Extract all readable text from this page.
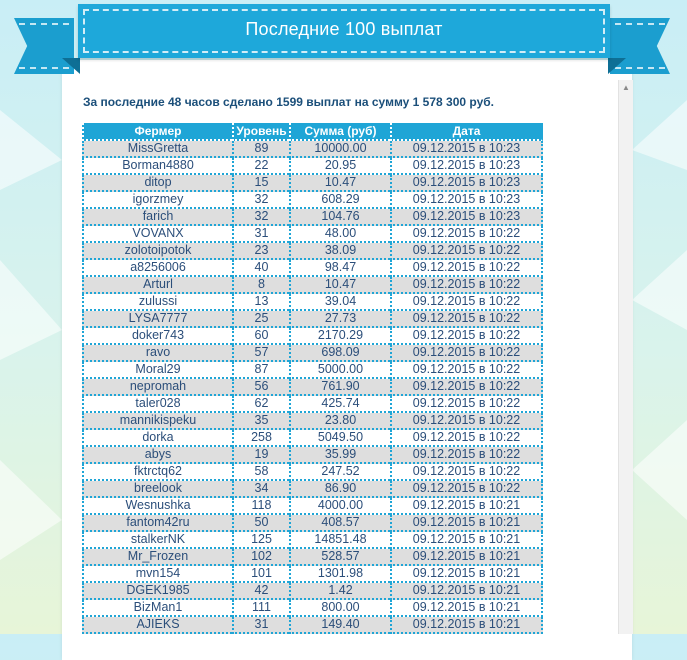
Последние 100 выплат
За последние 48 часов сделано 1599 выплат на сумму 1 578 300 руб.
Фермер	Уровень	Сумма (руб)	Дата
MissGretta	89	10000.00	09.12.2015 в 10:23
Borman4880	22	20.95	09.12.2015 в 10:23
ditop	15	10.47	09.12.2015 в 10:23
igorzmey	32	608.29	09.12.2015 в 10:23
farich	32	104.76	09.12.2015 в 10:23
VOVANX	31	48.00	09.12.2015 в 10:22
zolotoipotok	23	38.09	09.12.2015 в 10:22
a8256006	40	98.47	09.12.2015 в 10:22
Arturl	8	10.47	09.12.2015 в 10:22
zulussi	13	39.04	09.12.2015 в 10:22
LYSA7777	25	27.73	09.12.2015 в 10:22
doker743	60	2170.29	09.12.2015 в 10:22
ravo	57	698.09	09.12.2015 в 10:22
Moral29	87	5000.00	09.12.2015 в 10:22
nepromah	56	761.90	09.12.2015 в 10:22
taler028	62	425.74	09.12.2015 в 10:22
mannikispeku	35	23.80	09.12.2015 в 10:22
dorka	258	5049.50	09.12.2015 в 10:22
abys	19	35.99	09.12.2015 в 10:22
fktrctq62	58	247.52	09.12.2015 в 10:22
breelook	34	86.90	09.12.2015 в 10:22
Wesnushka	118	4000.00	09.12.2015 в 10:21
fantom42ru	50	408.57	09.12.2015 в 10:21
stalkerNK	125	14851.48	09.12.2015 в 10:21
Mr_Frozen	102	528.57	09.12.2015 в 10:21
mvn154	101	1301.98	09.12.2015 в 10:21
DGEK1985	42	1.42	09.12.2015 в 10:21
BizMan1	111	800.00	09.12.2015 в 10:21
AJIEKS	31	149.40	09.12.2015 в 10:21
▲
